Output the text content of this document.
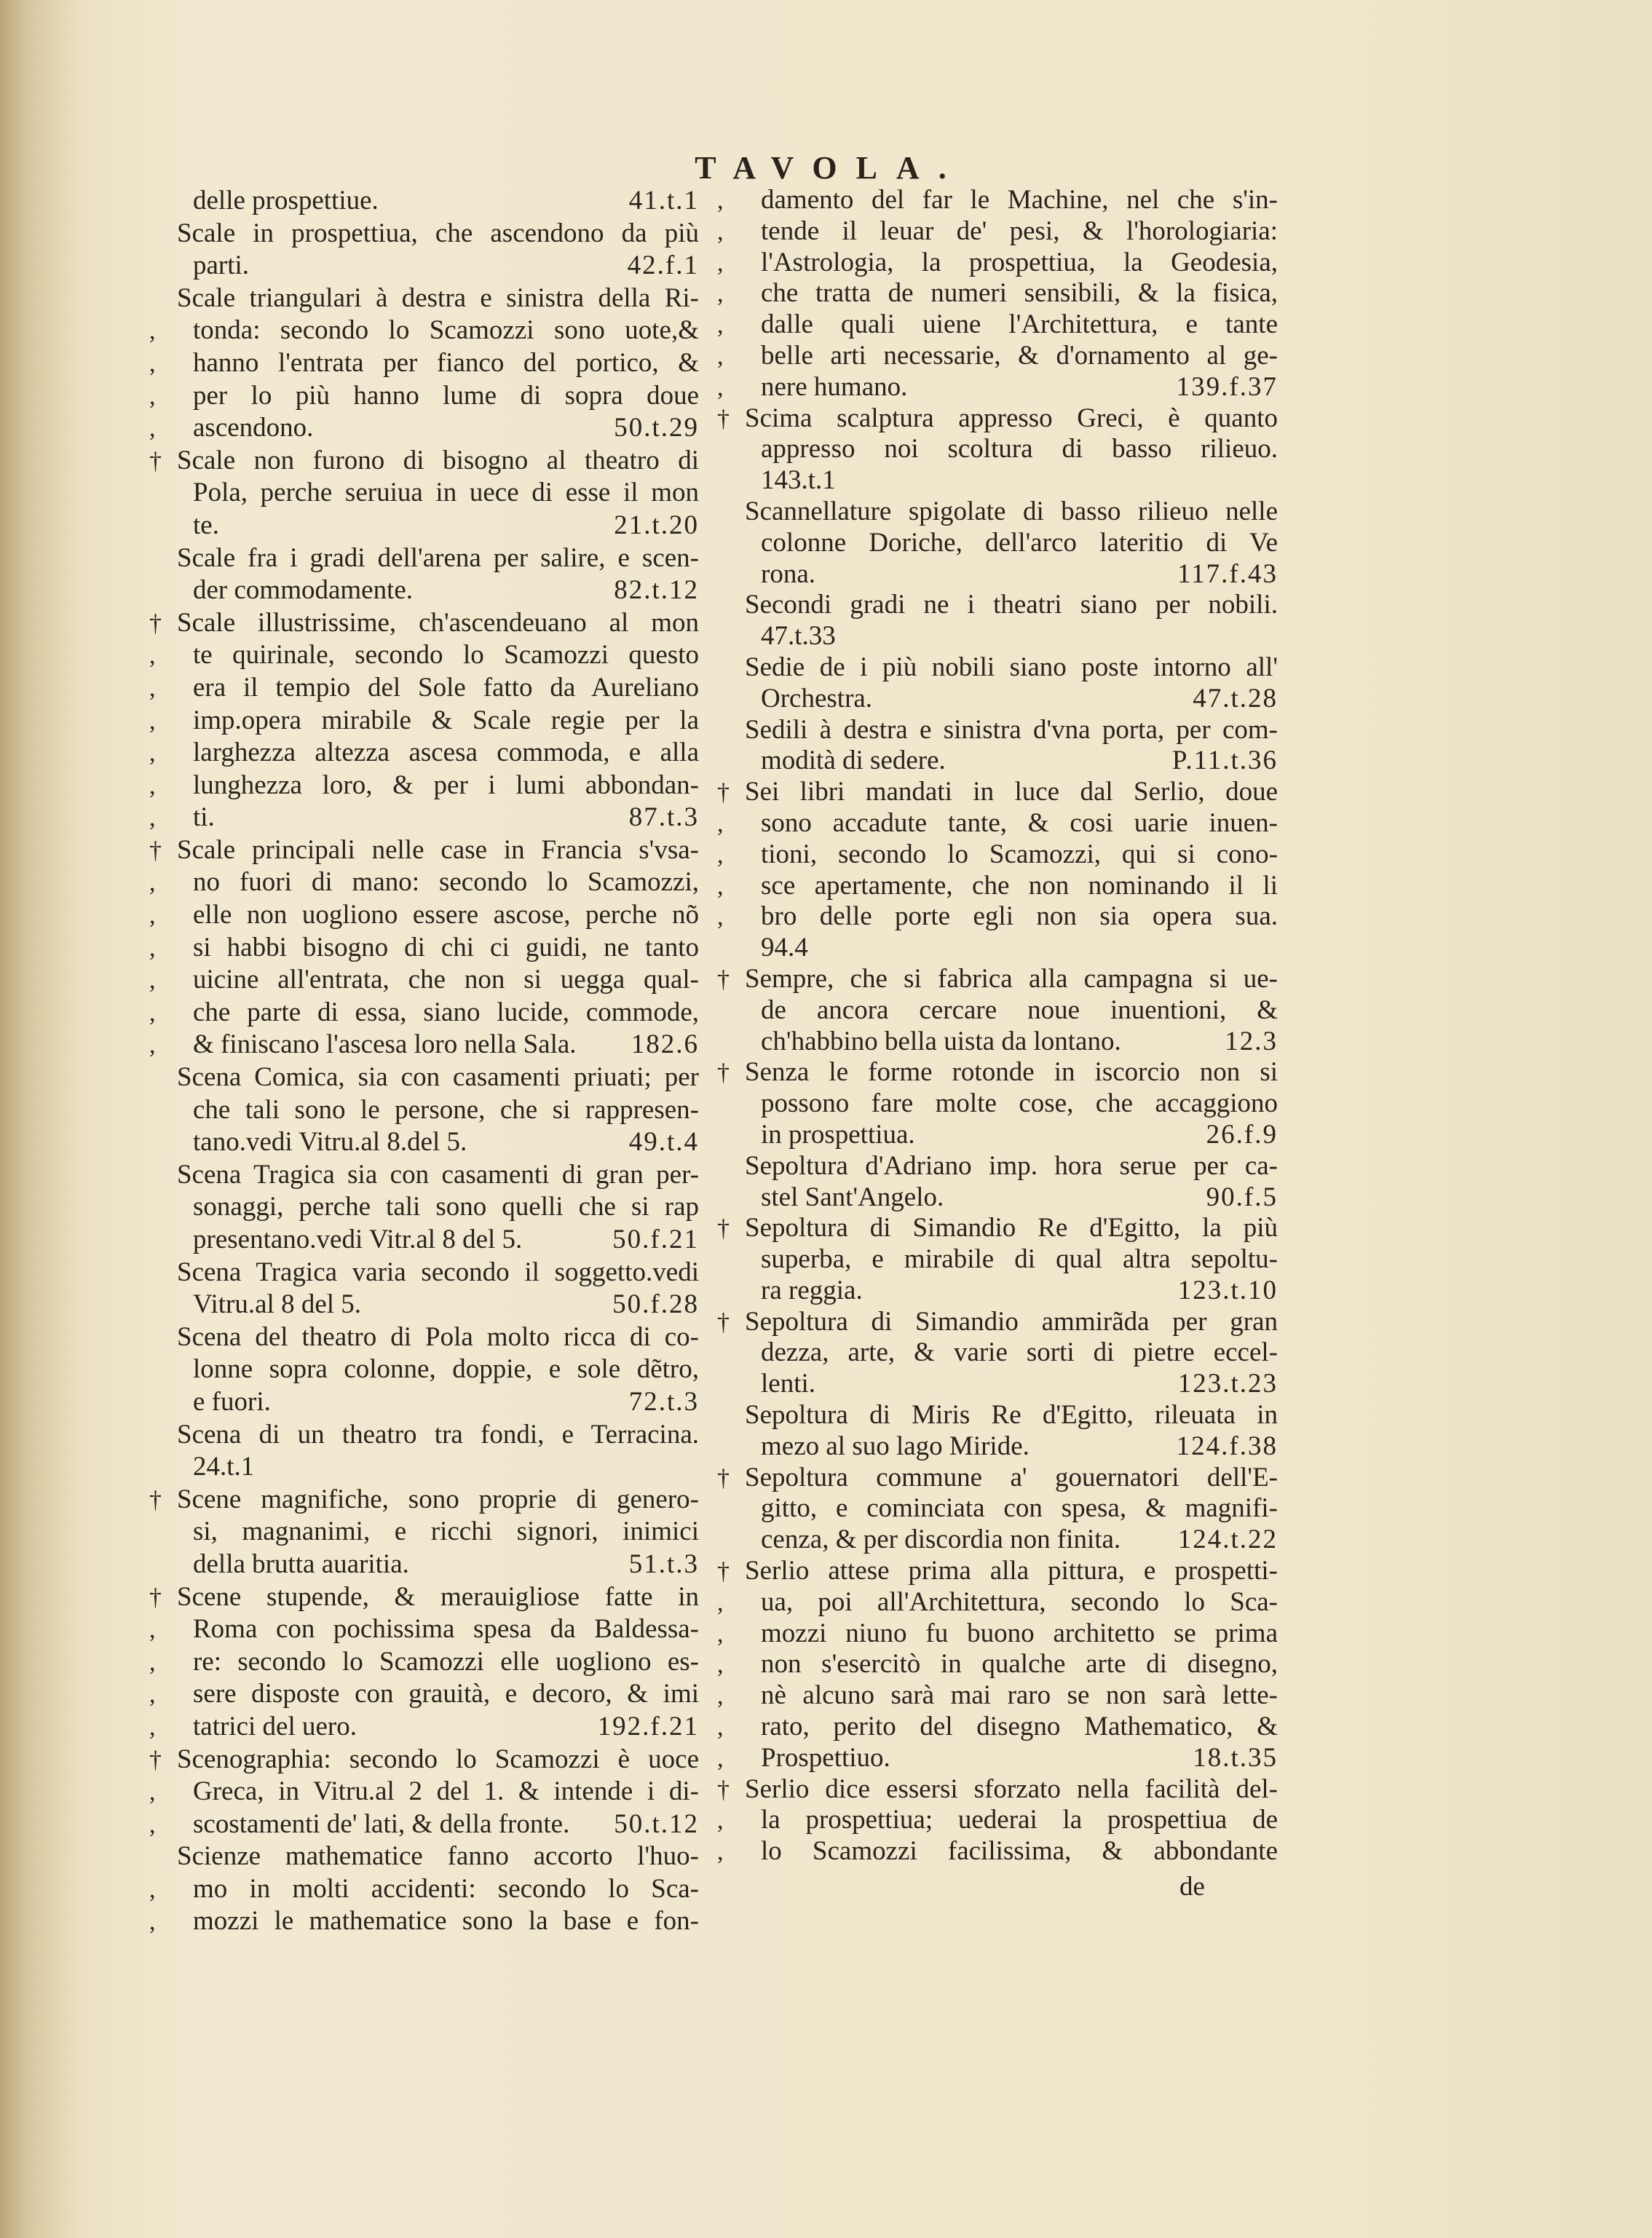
TAVOLA.
delle prospettiue.	41.t.1
Scale in prospettiua, che ascendono da più
parti.	42.f.1
Scale triangulari à destra e sinistra della Ri-
,	tonda: secondo lo Scamozzi sono uote,&
,	hanno l'entrata per fianco del portico, &
,	per lo più hanno lume di sopra doue
,	ascendono.	50.t.29
† Scale non furono di bisogno al theatro di
Pola, perche seruiua in uece di esse il mon
te.	21.t.20
Scale fra i gradi dell'arena per salire, e scen-
der commodamente.	82.t.12
† Scale illustrissime, ch'ascendeuano al mon
,	te quirinale, secondo lo Scamozzi questo
,	era il tempio del Sole fatto da Aureliano
,	imp.opera mirabile & Scale regie per la
,	larghezza altezza ascesa commoda, e alla
,	lunghezza loro, & per i lumi abbondan-
,	ti.	87.t.3
† Scale principali nelle case in Francia s'vsa-
,	no fuori di mano: secondo lo Scamozzi,
,	elle non uogliono essere ascose, perche nõ
,	si habbi bisogno di chi ci guidi, ne tanto
,	uicine all'entrata, che non si uegga qual-
,	che parte di essa, siano lucide, commode,
,	& finiscano l'ascesa loro nella Sala.	182.6
Scena Comica, sia con casamenti priuati; per
che tali sono le persone, che si rappresen-
tano.vedi Vitru.al 8.del 5.	49.t.4
Scena Tragica sia con casamenti di gran per-
sonaggi, perche tali sono quelli che si rap
presentano.vedi Vitr.al 8 del 5.	50.f.21
Scena Tragica varia secondo il soggetto.vedi
Vitru.al 8 del 5.	50.f.28
Scena del theatro di Pola molto ricca di co-
lonne sopra colonne, doppie, e sole dẽtro,
e fuori.	72.t.3
Scena di un theatro tra fondi, e Terracina.
24.t.1
† Scene magnifiche, sono proprie di genero-
si, magnanimi, e ricchi signori, inimici
della brutta auaritia.	51.t.3
† Scene stupende, & merauigliose fatte in
,	Roma con pochissima spesa da Baldessa-
,	re: secondo lo Scamozzi elle uogliono es-
,	sere disposte con grauità, e decoro, & imi
,	tatrici del uero.	192.f.21
† Scenographia: secondo lo Scamozzi è uoce
,	Greca, in Vitru.al 2 del 1. & intende i di-
,	scostamenti de' lati, & della fronte.	50.t.12
Scienze mathematice fanno accorto l'huo-
,	mo in molti accidenti: secondo lo Sca-
,	mozzi le mathematice sono la base e fon-
,	damento del far le Machine, nel che s'in-
,	tende il leuar de' pesi, & l'horologiaria:
,	l'Astrologia, la prospettiua, la Geodesia,
,	che tratta de numeri sensibili, & la fisica,
,	dalle quali uiene l'Architettura, e tante
,	belle arti necessarie, & d'ornamento al ge-
,	nere humano.	139.f.37
† Scima scalptura appresso Greci, è quanto
appresso noi scoltura di basso rilieuo.
143.t.1
Scannellature spigolate di basso rilieuo nelle
colonne Doriche, dell'arco lateritio di Ve
rona.	117.f.43
Secondi gradi ne i theatri siano per nobili.
47.t.33
Sedie de i più nobili siano poste intorno all'
Orchestra.	47.t.28
Sedili à destra e sinistra d'vna porta, per com-
modità di sedere.	P.11.t.36
† Sei libri mandati in luce dal Serlio, doue
,	sono accadute tante, & cosi uarie inuen-
,	tioni, secondo lo Scamozzi, qui si cono-
,	sce apertamente, che non nominando il li
,	bro delle porte egli non sia opera sua.
94.4
† Sempre, che si fabrica alla campagna si ue-
de ancora cercare noue inuentioni, &
ch'habbino bella uista da lontano.	12.3
† Senza le forme rotonde in iscorcio non si
possono fare molte cose, che accaggiono
in prospettiua.	26.f.9
Sepoltura d'Adriano imp. hora serue per ca-
stel Sant'Angelo.	90.f.5
† Sepoltura di Simandio Re d'Egitto, la più
superba, e mirabile di qual altra sepoltu-
ra reggia.	123.t.10
† Sepoltura di Simandio ammirãda per gran
dezza, arte, & varie sorti di pietre eccel-
lenti.	123.t.23
Sepoltura di Miris Re d'Egitto, rileuata in
mezo al suo lago Miride.	124.f.38
† Sepoltura commune a' gouernatori dell'E-
gitto, e cominciata con spesa, & magnifi-
cenza, & per discordia non finita.	124.t.22
† Serlio attese prima alla pittura, e prospetti-
,	ua, poi all'Architettura, secondo lo Sca-
,	mozzi niuno fu buono architetto se prima
,	non s'esercitò in qualche arte di disegno,
,	nè alcuno sarà mai raro se non sarà lette-
,	rato, perito del disegno Mathematico, &
,	Prospettiuo.	18.t.35
† Serlio dice essersi sforzato nella facilità del-
,	la prospettiua; uederai la prospettiua de
,	lo Scamozzi facilissima, & abbondante
de
